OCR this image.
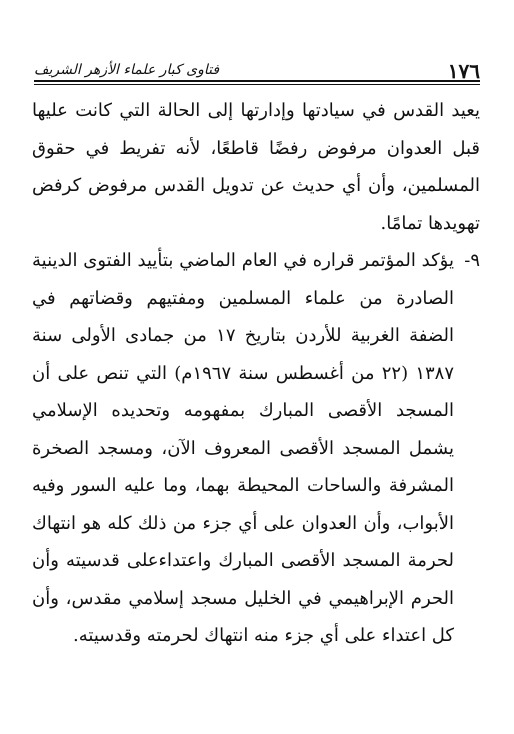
١٧٦
فتاوى كبار علماء الأزهر الشريف

يعيد القدس في سيادتها وإدارتها إلى الحالة التي كانت عليها قبل العدوان مرفوض رفضًا قاطعًا، لأنه تفريط في حقوق المسلمين، وأن أي حديث عن تدويل القدس مرفوض كرفض تهويدها تمامًا.

٩-
يؤكد المؤتمر قراره في العام الماضي بتأييد الفتوى الدينية الصادرة من علماء المسلمين ومفتيهم وقضاتهم في الضفة الغربية للأردن بتاريخ ١٧ من جمادى الأولى سنة ١٣٨٧ (٢٢ من أغسطس سنة ١٩٦٧م) التي تنص على أن المسجد الأقصى المبارك بمفهومه وتحديده الإسلامي يشمل المسجد الأقصى المعروف الآن، ومسجد الصخرة المشرفة والساحات المحيطة بهما، وما عليه السور وفيه الأبواب، وأن العدوان على أي جزء من ذلك كله هو انتهاك لحرمة المسجد الأقصى المبارك واعتداءعلى قدسيته وأن الحرم الإبراهيمي في الخليل مسجد إسلامي مقدس، وأن كل اعتداء على أي جزء منه انتهاك لحرمته وقدسيته.
